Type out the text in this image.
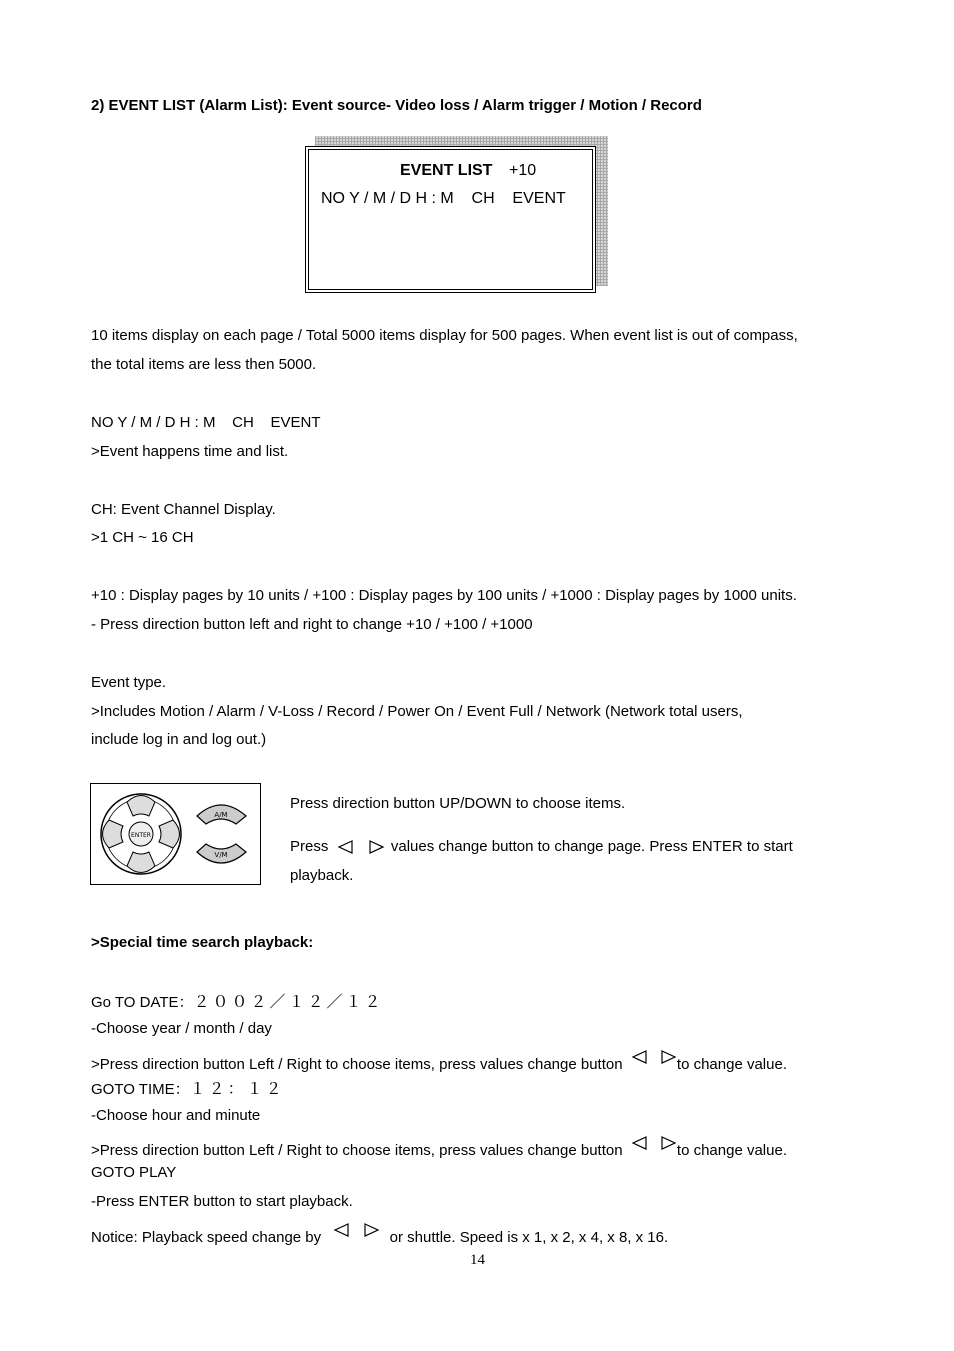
2) EVENT LIST (Alarm List): Event source- Video loss / Alarm trigger / Motion / Record
EVENT LIST +10
NO Y / M / D H : M    CH    EVENT
10 items display on each page / Total 5000 items display for 500 pages. When event list is out of compass,
the total items are less then 5000.
NO Y / M / D H : M    CH    EVENT
>Event happens time and list.
CH: Event Channel Display.
>1 CH ~ 16 CH
+10 : Display pages by 10 units / +100 : Display pages by 100 units / +1000 : Display pages by 1000 units.
- Press direction button left and right to change +10 / +100 / +1000
Event type.
>Includes Motion / Alarm / V-Loss / Record / Power On / Event Full / Network (Network total users,
include log in and log out.)
ENTER
A/M
V/M
Press direction button UP/DOWN to choose items.
Press	values change button to change page. Press ENTER to start
playback.
>Special time search playback:
Go TO DATE：２００２／１２／１２
-Choose year / month / day
>Press direction button Left / Right to choose items, press values change button	to change value.
GOTO TIME：１２：１２
-Choose hour and minute
>Press direction button Left / Right to choose items, press values change button	to change value.
GOTO PLAY
-Press ENTER button to start playback.
Notice: Playback speed change by	or shuttle. Speed is x 1, x 2, x 4, x 8, x 16.
14
